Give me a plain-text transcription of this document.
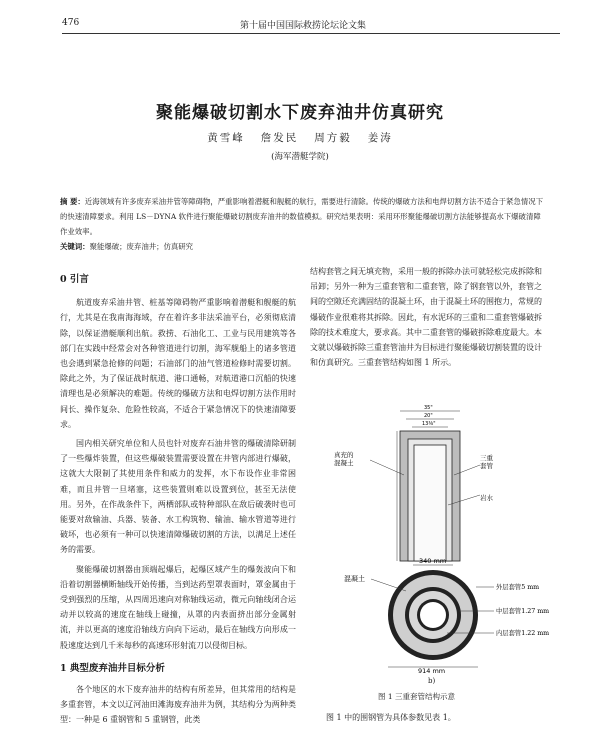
476	第十届中国国际救捞论坛论文集
聚能爆破切割水下废弃油井仿真研究
黄雪峰 詹发民 周方毅 姜涛
(海军潜艇学院)
摘 要：近海领域有许多废弃采油井管等障碍物，严重影响着潜艇和舰艇的航行，需要进行清除。传统的爆破方法和电焊切割方法不适合于紧急情况下的快速清障要求。利用 LS－DYNA 软件进行聚能爆破切割废弃油井的数值模拟。研究结果表明：采用环形聚能爆破切割方法能够提高水下爆破清障作业效率。
关键词：聚能爆破；废弃油井；仿真研究
0 引言

航道废弃采油井管、桩基等障碍物严重影响着潜艇和舰艇的航行，尤其是在我南海海域，存在着许多非法采油平台，必须彻底清除，以保证潜艇顺利出航。救捞、石油化工、工业与民用建筑等各部门在实践中经常会对各种管道进行切割，海军舰船上的诸多管道也会遇到紧急抢修的问题；石油部门的油气管道检修时需要切割。除此之外，为了保证战时航道、港口通畅，对航道港口沉船的快速清理也是必须解决的难题。传统的爆破方法和电焊切割方法作用时间长、操作复杂、危险性较高，不适合于紧急情况下的快速清障要求。

国内相关研究单位和人员也针对废弃石油井管的爆破清除研制了一些爆炸装置，但这些爆破装置需要设置在井管内部进行爆破，这就大大限制了其使用条件和威力的发挥，水下布设作业非常困难，而且井管一旦堵塞，这些装置则难以设置到位，甚至无法使用。另外，在作战条件下，两栖部队或特种部队在敌后破袭时也可能要对敌输油、兵器、装备、水工构筑物、输油、输水管道等进行破坏，也必须有一种可以快速清障爆破切割的方法，以满足上述任务的需要。

聚能爆破切割器由顶端起爆后，起爆区域产生的爆轰波向下和沿着切割器横断轴线开始传播，当到达药型罩表面时，罩金属由于受到强烈的压缩，从四周迅速向对称轴线运动，微元向轴线闭合运动并以较高的速度在轴线上碰撞，从罩的内表面挤出部分金属射流，并以更高的速度沿轴线方向向下运动，最后在轴线方向形成一股速度达到几千米每秒的高速环形射流刀以侵彻目标。

1 典型废弃油井目标分析

各个地区的水下废弃油井的结构有所差异，但其常用的结构是多重套管，本文以辽河油田滩海废弃油井为例，其结构分为两种类型：一种是 6 重钢管和 5 重钢管，此类

结构套管之间无填充物，采用一般的拆除办法可就轻松完成拆除和吊卸；另外一种为三重套管和二重套管，除了钢套管以外，套管之间的空隙还充满固结的混凝土环，由于混凝土环的围抱力，常规的爆破作业很难将其拆除。因此，有水泥环的三重和二重套管爆破拆除的技术难度大，要求高。其中二重套管的爆破拆除难度最大。本文就以爆破拆除三重套管油井为目标进行聚能爆破切割装置的设计和仿真研究。三重套管结构如图 1 所示。

35"
20"
13⅜"
真充的混凝土
三重套管
岩水
340 mm
混凝土
外层套管5 mm
中层套管1.27 mm
内层套管1.22 mm
914 mm
b)
图 1 三重套管结构示意
图 1 中的围钢管为具体参数见表 1。
